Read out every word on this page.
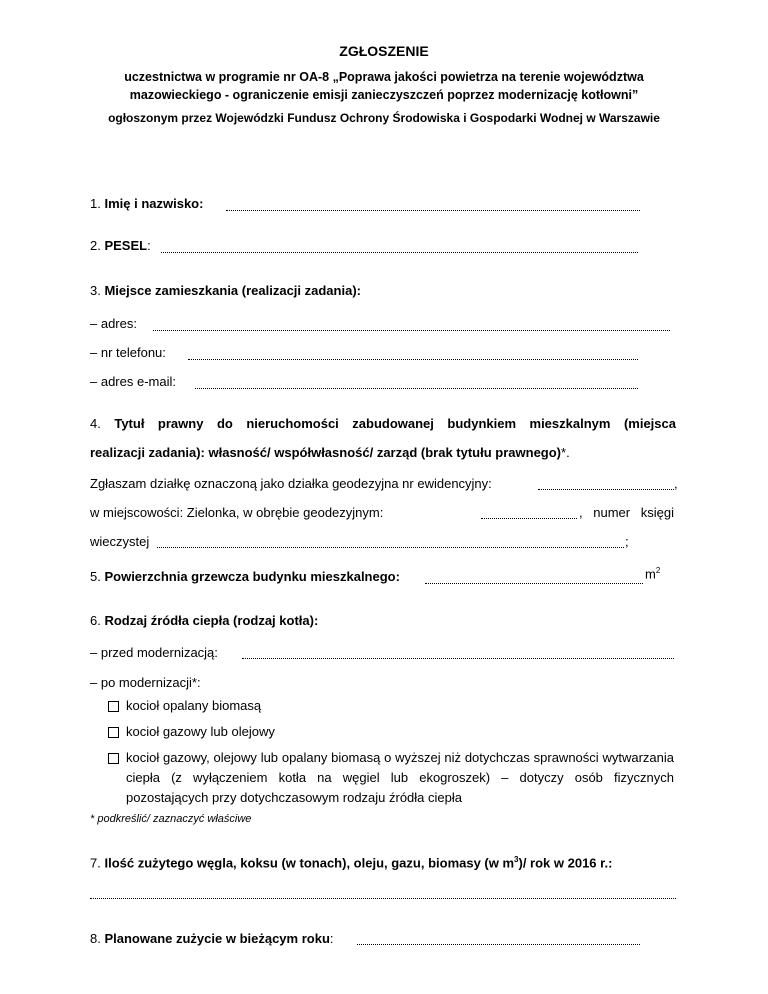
ZGŁOSZENIE
uczestnictwa w programie nr OA-8 „Poprawa jakości powietrza na terenie województwa
mazowieckiego - ograniczenie emisji zanieczyszczeń poprzez modernizację kotłowni”
ogłoszonym przez Wojewódzki Fundusz Ochrony Środowiska i Gospodarki Wodnej w Warszawie
1. Imię i nazwisko:
2. PESEL:
3. Miejsce zamieszkania (realizacji zadania):
– adres:
– nr telefonu:
– adres e-mail:
4. Tytuł prawny do nieruchomości zabudowanej budynkiem mieszkalnym (miejsca
realizacji zadania): własność/ współwłasność/ zarząd (brak tytułu prawnego)*.
Zgłaszam działkę oznaczoną jako działka geodezyjna nr ewidencyjny:	,
w miejscowości: Zielonka, w obrębie geodezyjnym:	, numer księgi
wieczystej	;
5. Powierzchnia grzewcza budynku mieszkalnego:	$m^2$
6. Rodzaj źródła ciepła (rodzaj kotła):
– przed modernizacją:
– po modernizacji*:
kocioł opalany biomasą
kocioł gazowy lub olejowy
kocioł gazowy, olejowy lub opalany biomasą o wyższej niż dotychczas sprawności wytwarzania ciepła (z wyłączeniem kotła na węgiel lub ekogroszek) – dotyczy osób fizycznych pozostających przy dotychczasowym rodzaju źródła ciepła
* podkreślić/ zaznaczyć właściwe
7. Ilość zużytego węgla, koksu (w tonach), oleju, gazu, biomasy (w $m^3)/$ rok w 2016 r.:
8. Planowane zużycie w bieżącym roku:
